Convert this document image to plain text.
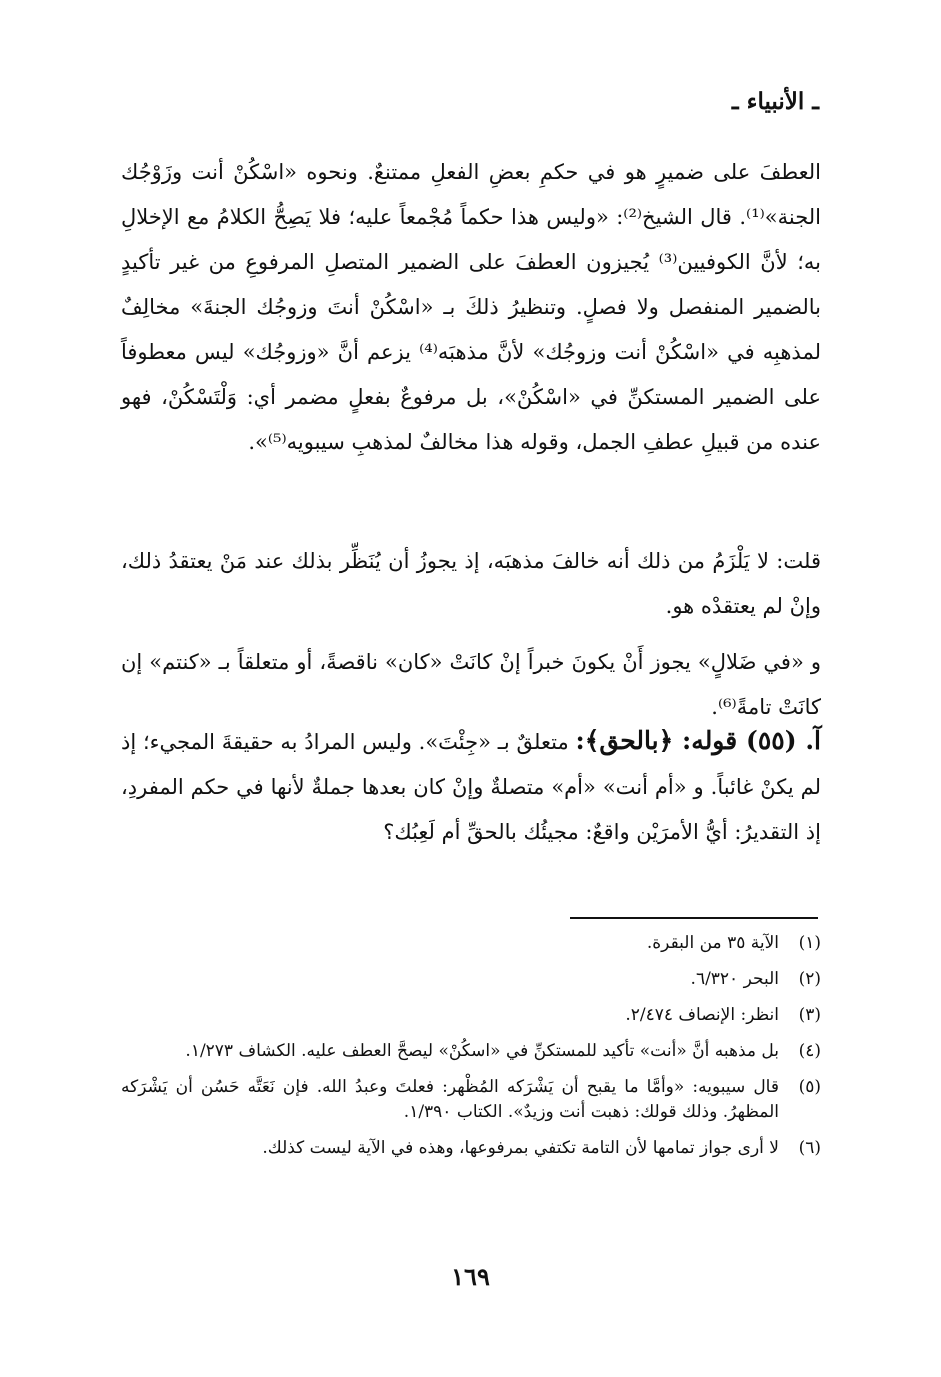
ـ الأنبياء ـ

العطفَ على ضميرٍ هو في حكمِ بعضِ الفعلِ ممتنعٌ. ونحوه «اسْكُنْ أنت وزَوْجُك الجنة»⁽¹⁾. قال الشيخ⁽²⁾: «وليس هذا حكماً مُجْمعاً عليه؛ فلا يَصِحُّ الكلامُ مع الإخلالِ به؛ لأنَّ الكوفيين⁽³⁾ يُجيزون العطفَ على الضمير المتصلِ المرفوعِ من غير تأكيدٍ بالضمير المنفصل ولا فصلٍ. وتنظيرُ ذلكَ بـ «اسْكُنْ أنتَ وزوجُك الجنةَ» مخالِفٌ لمذهبِه في «اسْكُنْ أنت وزوجُك» لأنَّ مذهبَه⁽⁴⁾ يزعم أنَّ «وزوجُك» ليس معطوفاً على الضمير المستكنِّ في «اسْكُنْ»، بل مرفوعٌ بفعلٍ مضمر أي: وَلْتَسْكُنْ، فهو عنده من قبيلِ عطفِ الجمل، وقوله هذا مخالفٌ لمذهبِ سيبويه⁽⁵⁾».

قلت: لا يَلْزَمُ من ذلك أنه خالفَ مذهبَه، إذ يجوزُ أن يُنَظِّر بذلك عند مَنْ يعتقدُ ذلك، وإنْ لم يعتقدْه هو.

و «في ضَلالٍ» يجوز أَنْ يكونَ خبراً إنْ كانَتْ «كان» ناقصةً، أو متعلقاً بـ «كنتم» إن كانَتْ تامةً⁽⁶⁾.

آ. (٥٥) قوله: ﴿بالحق﴾: متعلقٌ بـ «جِئْتَ». وليس المرادُ به حقيقةَ المجيء؛ إذ لم يكنْ غائباً. و «أم أنت» «أم» متصلةٌ وإنْ كان بعدها جملةٌ لأنها في حكم المفردِ، إذ التقديرُ: أيُّ الأمرَيْن واقعٌ: مجيئُك بالحقِّ أم لَعِبُك؟

(١)
الآية ٣٥ من البقرة.
(٢)
البحر ٦/٣٢٠.
(٣)
انظر: الإنصاف ٢/٤٧٤.
(٤)
بل مذهبه أنَّ «أنت» تأكيد للمستكنِّ في «اسكُنْ» ليصحَّ العطف عليه. الكشاف ١/٢٧٣.
(٥)
قال سيبويه: «وأمَّا ما يقبح أن يَشْرَكه المُظْهر: فعلتَ وعبدُ الله. فإن نَعَتَّه حَسُن أن يَشْرَكه المظهرُ. وذلك قولك: ذهبت أنت وزيدٌ». الكتاب ١/٣٩٠.
(٦)
لا أرى جواز تمامها لأن التامة تكتفي بمرفوعها، وهذه في الآية ليست كذلك.
١٦٩
